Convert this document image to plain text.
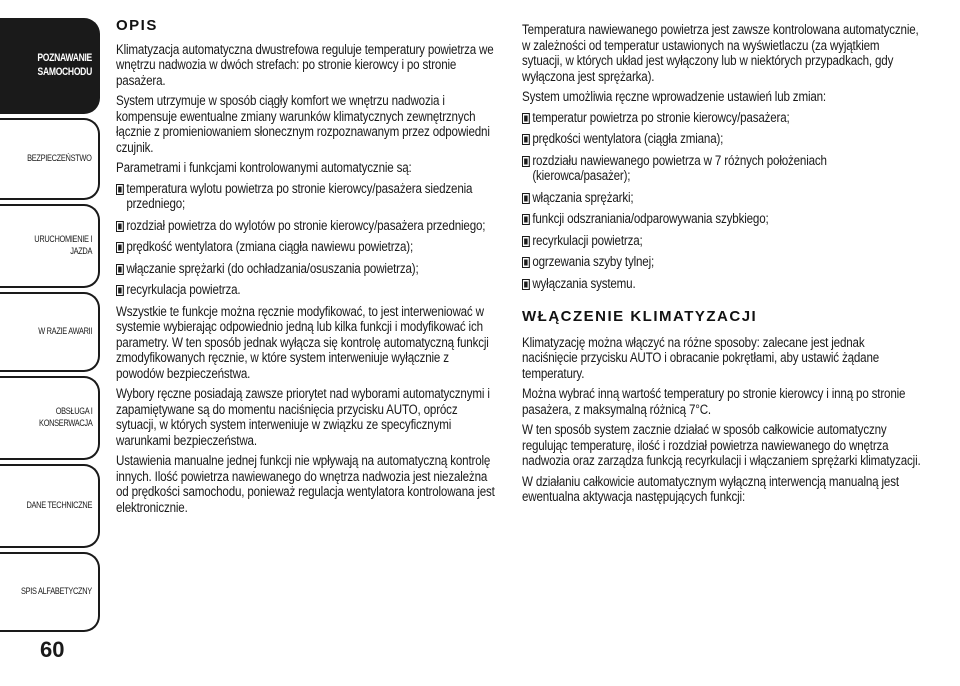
POZNAWANIE
SAMOCHODU
BEZPIECZEŃSTWO
URUCHOMIENIE I
JAZDA
W RAZIE AWARII
OBSŁUGA I
KONSERWACJA
DANE TECHNICZNE
SPIS ALFABETYCZNY
60
OPIS

Klimatyzacja automatyczna dwustrefowa reguluje temperatury powietrza we wnętrzu nadwozia w dwóch strefach: po stronie kierowcy i po stronie pasażera.

System utrzymuje w sposób ciągły komfort we wnętrzu nadwozia i kompensuje ewentualne zmiany warunków klimatycznych zewnętrznych łącznie z promieniowaniem słonecznym rozpoznawanym przez odpowiedni czujnik.

Parametrami i funkcjami kontrolowanymi automatycznie są:

temperatura wylotu powietrza po stronie kierowcy/pasażera siedzenia przedniego;
rozdział powietrza do wylotów po stronie kierowcy/pasażera przedniego;
prędkość wentylatora (zmiana ciągła nawiewu powietrza);
włączanie sprężarki (do ochładzania/osuszania powietrza);
recyrkulacja powietrza.

Wszystkie te funkcje można ręcznie modyfikować, to jest interweniować w systemie wybierając odpowiednio jedną lub kilka funkcji i modyfikować ich parametry. W ten sposób jednak wyłącza się kontrolę automatyczną funkcji zmodyfikowanych ręcznie, w które system interweniuje wyłącznie z powodów bezpieczeństwa.

Wybory ręczne posiadają zawsze priorytet nad wyborami automatycznymi i zapamiętywane są do momentu naciśnięcia przycisku AUTO, oprócz sytuacji, w których system interweniuje w związku ze specyficznymi warunkami bezpieczeństwa.

Ustawienia manualne jednej funkcji nie wpływają na automatyczną kontrolę innych. Ilość powietrza nawiewanego do wnętrza nadwozia jest niezależna od prędkości samochodu, ponieważ regulacja wentylatora kontrolowana jest elektronicznie.

Temperatura nawiewanego powietrza jest zawsze kontrolowana automatycznie, w zależności od temperatur ustawionych na wyświetlaczu (za wyjątkiem sytuacji, w których układ jest wyłączony lub w niektórych przypadkach, gdy wyłączona jest sprężarka).

System umożliwia ręczne wprowadzenie ustawień lub zmian:

temperatur powietrza po stronie kierowcy/pasażera;
prędkości wentylatora (ciągła zmiana);
rozdziału nawiewanego powietrza w 7 różnych położeniach (kierowca/pasażer);
włączania sprężarki;
funkcji odszraniania/odparowywania szybkiego;
recyrkulacji powietrza;
ogrzewania szyby tylnej;
wyłączania systemu.
WŁĄCZENIE KLIMATYZACJI

Klimatyzację można włączyć na różne sposoby: zalecane jest jednak naciśnięcie przycisku AUTO i obracanie pokrętłami, aby ustawić żądane temperatury.

Można wybrać inną wartość temperatury po stronie kierowcy i inną po stronie pasażera, z maksymalną różnicą 7°C.

W ten sposób system zacznie działać w sposób całkowicie automatyczny regulując temperaturę, ilość i rozdział powietrza nawiewanego do wnętrza nadwozia oraz zarządza funkcją recyrkulacji i włączaniem sprężarki klimatyzacji.

W działaniu całkowicie automatycznym wyłączną interwencją manualną jest ewentualna aktywacja następujących funkcji:
